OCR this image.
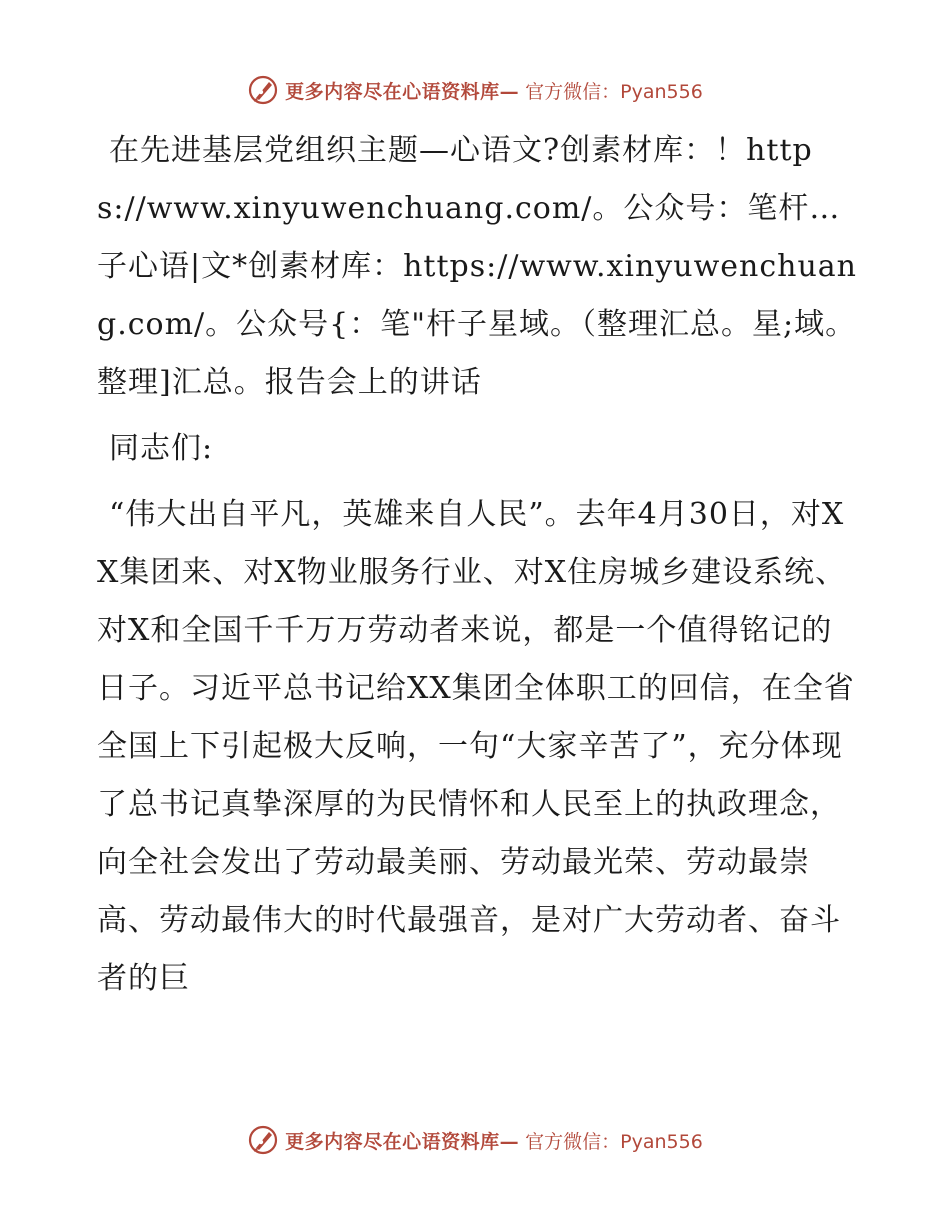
更多内容尽在心语资料库— 官方微信：Pyan556

在先进基层党组织主题—心语文?创素材库：！https://www.xinyuwenchuang.com/。公众号：笔杆…子心语|文*创素材库：https://www.xinyuwenchuang.com/。公众号{：笔"杆子星域。（整理汇总。星;域。整理]汇总。报告会上的讲话

同志们:

“伟大出自平凡，英雄来自人民”。去年4月30日，对XX集团来、对X物业服务行业、对X住房城乡建设系统、对X和全国千千万万劳动者来说，都是一个值得铭记的日子。习近平总书记给XX集团全体职工的回信，在全省全国上下引起极大反响，一句“大家辛苦了”，充分体现了总书记真挚深厚的为民情怀和人民至上的执政理念，向全社会发出了劳动最美丽、劳动最光荣、劳动最崇高、劳动最伟大的时代最强音，是对广大劳动者、奋斗者的巨

更多内容尽在心语资料库— 官方微信：Pyan556
